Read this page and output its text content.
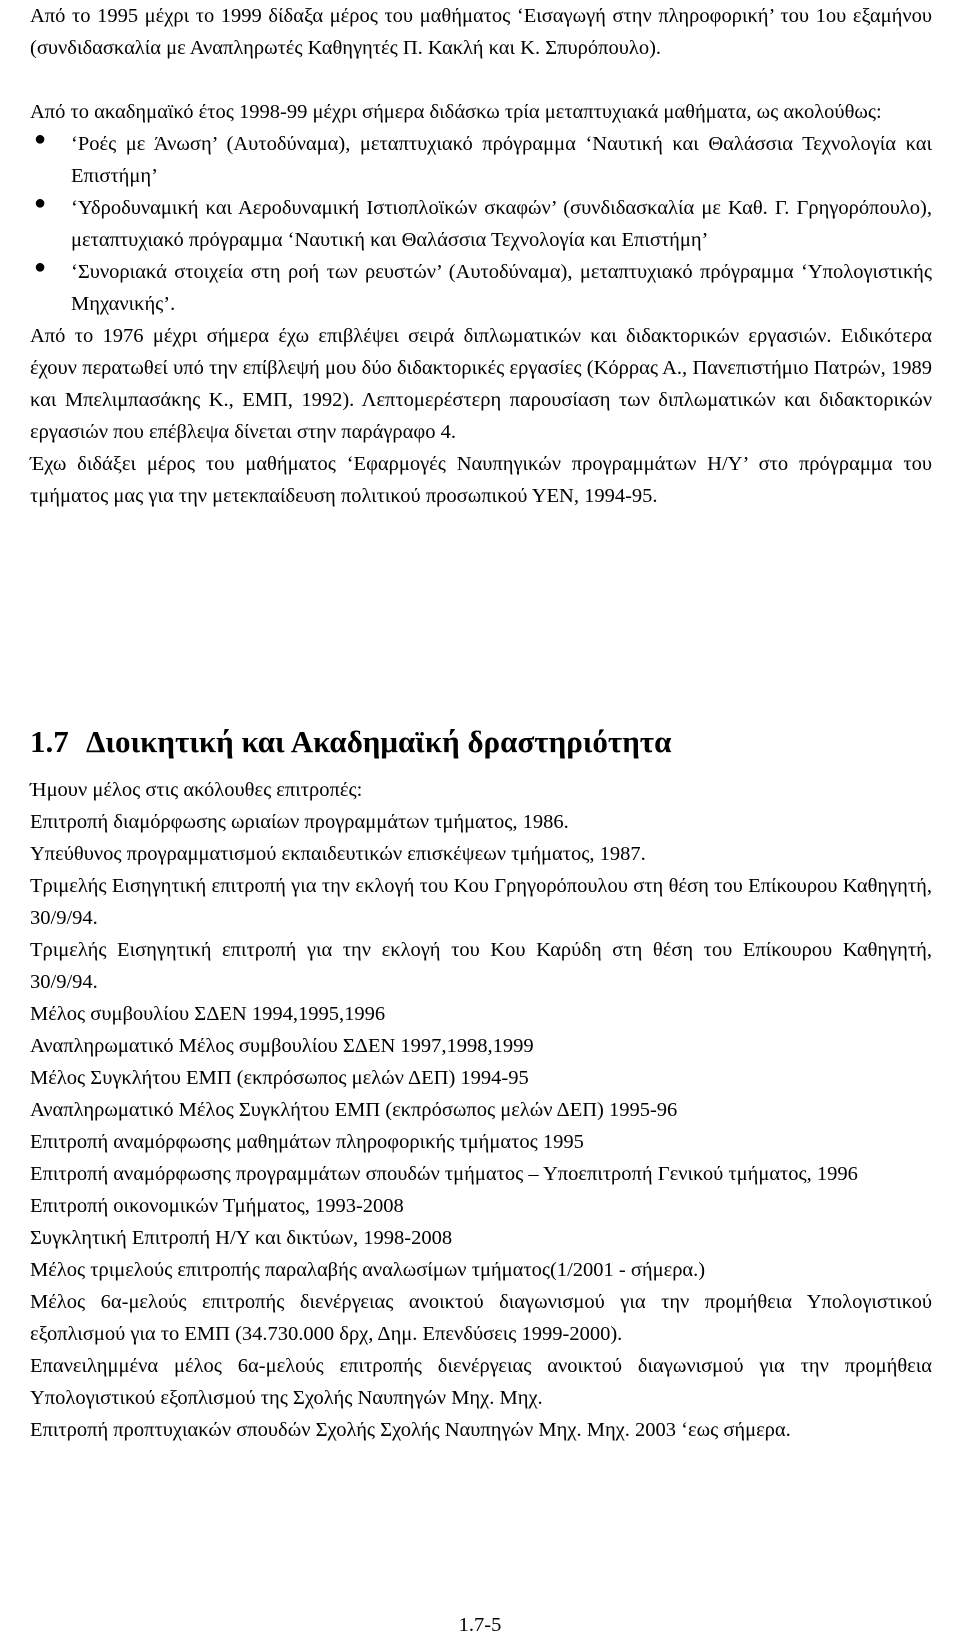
Από το 1995 μέχρι το 1999 δίδαξα μέρος του μαθήματος ‘Εισαγωγή στην πληροφορική’ του 1ου εξαμήνου (συνδιδασκαλία με Αναπληρωτές Καθηγητές Π. Κακλή και Κ. Σπυρόπουλο).

Από το ακαδημαϊκό έτος 1998-99 μέχρι σήμερα διδάσκω τρία μεταπτυχιακά μαθήματα, ως ακολούθως:

● ‘Ροές με Άνωση’ (Αυτοδύναμα), μεταπτυχιακό πρόγραμμα ‘Ναυτική και Θαλάσσια Τεχνολογία και Επιστήμη’

● ‘Υδροδυναμική και Αεροδυναμική Ιστιοπλοϊκών σκαφών’ (συνδιδασκαλία με Καθ. Γ. Γρηγορόπουλο), μεταπτυχιακό πρόγραμμα ‘Ναυτική και Θαλάσσια Τεχνολογία και Επιστήμη’

● ‘Συνοριακά στοιχεία στη ροή των ρευστών’ (Αυτοδύναμα), μεταπτυχιακό πρόγραμμα ‘Υπολογιστικής Μηχανικής’.

Από το 1976 μέχρι σήμερα έχω επιβλέψει σειρά διπλωματικών και διδακτορικών εργασιών. Ειδικότερα έχουν περατωθεί υπό την επίβλεψή μου δύο διδακτορικές εργασίες (Κόρρας Α., Πανεπιστήμιο Πατρών, 1989 και Μπελιμπασάκης Κ., ΕΜΠ, 1992). Λεπτομερέστερη παρουσίαση των διπλωματικών και διδακτορικών εργασιών που επέβλεψα δίνεται στην παράγραφο 4.

Έχω διδάξει μέρος του μαθήματος ‘Εφαρμογές Ναυπηγικών προγραμμάτων Η/Υ’ στο πρόγραμμα του τμήματος μας για την μετεκπαίδευση πολιτικού προσωπικού ΥΕΝ, 1994-95.

1.7 Διοικητική και Ακαδημαϊκή δραστηριότητα

Ήμουν μέλος στις ακόλουθες επιτροπές:

Επιτροπή διαμόρφωσης ωριαίων προγραμμάτων τμήματος, 1986.

Υπεύθυνος προγραμματισμού εκπαιδευτικών επισκέψεων τμήματος, 1987.

Τριμελής Εισηγητική επιτροπή για την εκλογή του Κου Γρηγορόπουλου στη θέση του Επίκουρου Καθηγητή, 30/9/94.

Τριμελής Εισηγητική επιτροπή για την εκλογή του Κου Καρύδη στη θέση του Επίκουρου Καθηγητή, 30/9/94.

Μέλος συμβουλίου ΣΔΕΝ 1994,1995,1996

Αναπληρωματικό Μέλος συμβουλίου ΣΔΕΝ 1997,1998,1999

Μέλος Συγκλήτου ΕΜΠ (εκπρόσωπος μελών ΔΕΠ) 1994-95

Αναπληρωματικό Μέλος Συγκλήτου ΕΜΠ (εκπρόσωπος μελών ΔΕΠ) 1995-96

Επιτροπή αναμόρφωσης μαθημάτων πληροφορικής τμήματος 1995

Επιτροπή αναμόρφωσης προγραμμάτων σπουδών τμήματος – Υποεπιτροπή Γενικού τμήματος, 1996

Επιτροπή οικονομικών Τμήματος, 1993-2008

Συγκλητική Επιτροπή Η/Υ και δικτύων, 1998-2008

Μέλος τριμελούς επιτροπής παραλαβής αναλωσίμων τμήματος(1/2001 - σήμερα.)

Μέλος 6α-μελούς επιτροπής διενέργειας ανοικτού διαγωνισμού για την προμήθεια Υπολογιστικού εξοπλισμού για το ΕΜΠ (34.730.000 δρχ, Δημ. Επενδύσεις 1999-2000).

Επανειλημμένα μέλος 6α-μελούς επιτροπής διενέργειας ανοικτού διαγωνισμού για την προμήθεια Υπολογιστικού εξοπλισμού της Σχολής Ναυπηγών Μηχ. Μηχ.

Επιτροπή προπτυχιακών σπουδών Σχολής Σχολής Ναυπηγών Μηχ. Μηχ. 2003 ‘εως σήμερα.

1.7-5
